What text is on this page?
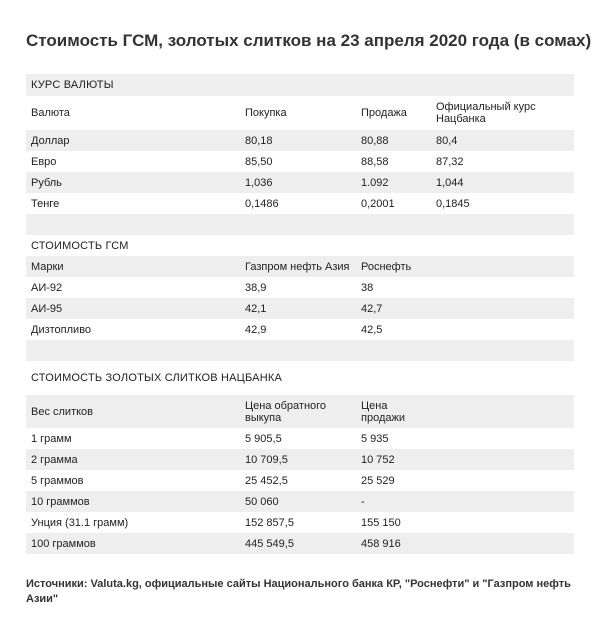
Стоимость ГСМ, золотых слитков на 23 апреля 2020 года (в сомах)
КУРС ВАЛЮТЫ			
Валюта	Покупка	Продажа	Официальный курс Нацбанка
Доллар	80,18	80,88	80,4
Евро	85,50	88,58	87,32
Рубль	1,036	1.092	1,044
Тенге	0,1486	0,2001	0,1845

СТОИМОСТЬ ГСМ			
Марки	Газпром нефть Азия	Роснефть	
АИ-92	38,9	38	
АИ-95	42,1	42,7	
Дизтопливо	42,9	42,5	

СТОИМОСТЬ ЗОЛОТЫХ СЛИТКОВ НАЦБАНКА			
Вес слитков	Цена обратного выкупа	Цена продажи	
1 грамм	5 905,5	5 935	
2 грамма	10 709,5	10 752	
5 граммов	25 452,5	25 529	
10 граммов	50 060	-	
Унция (31.1 грамм)	152 857,5	155 150	
100 граммов	445 549,5	458 916	
Источники: Valuta.kg, официальные сайты Национального банка КР, "Роснефти" и "Газпром нефть Азии"
